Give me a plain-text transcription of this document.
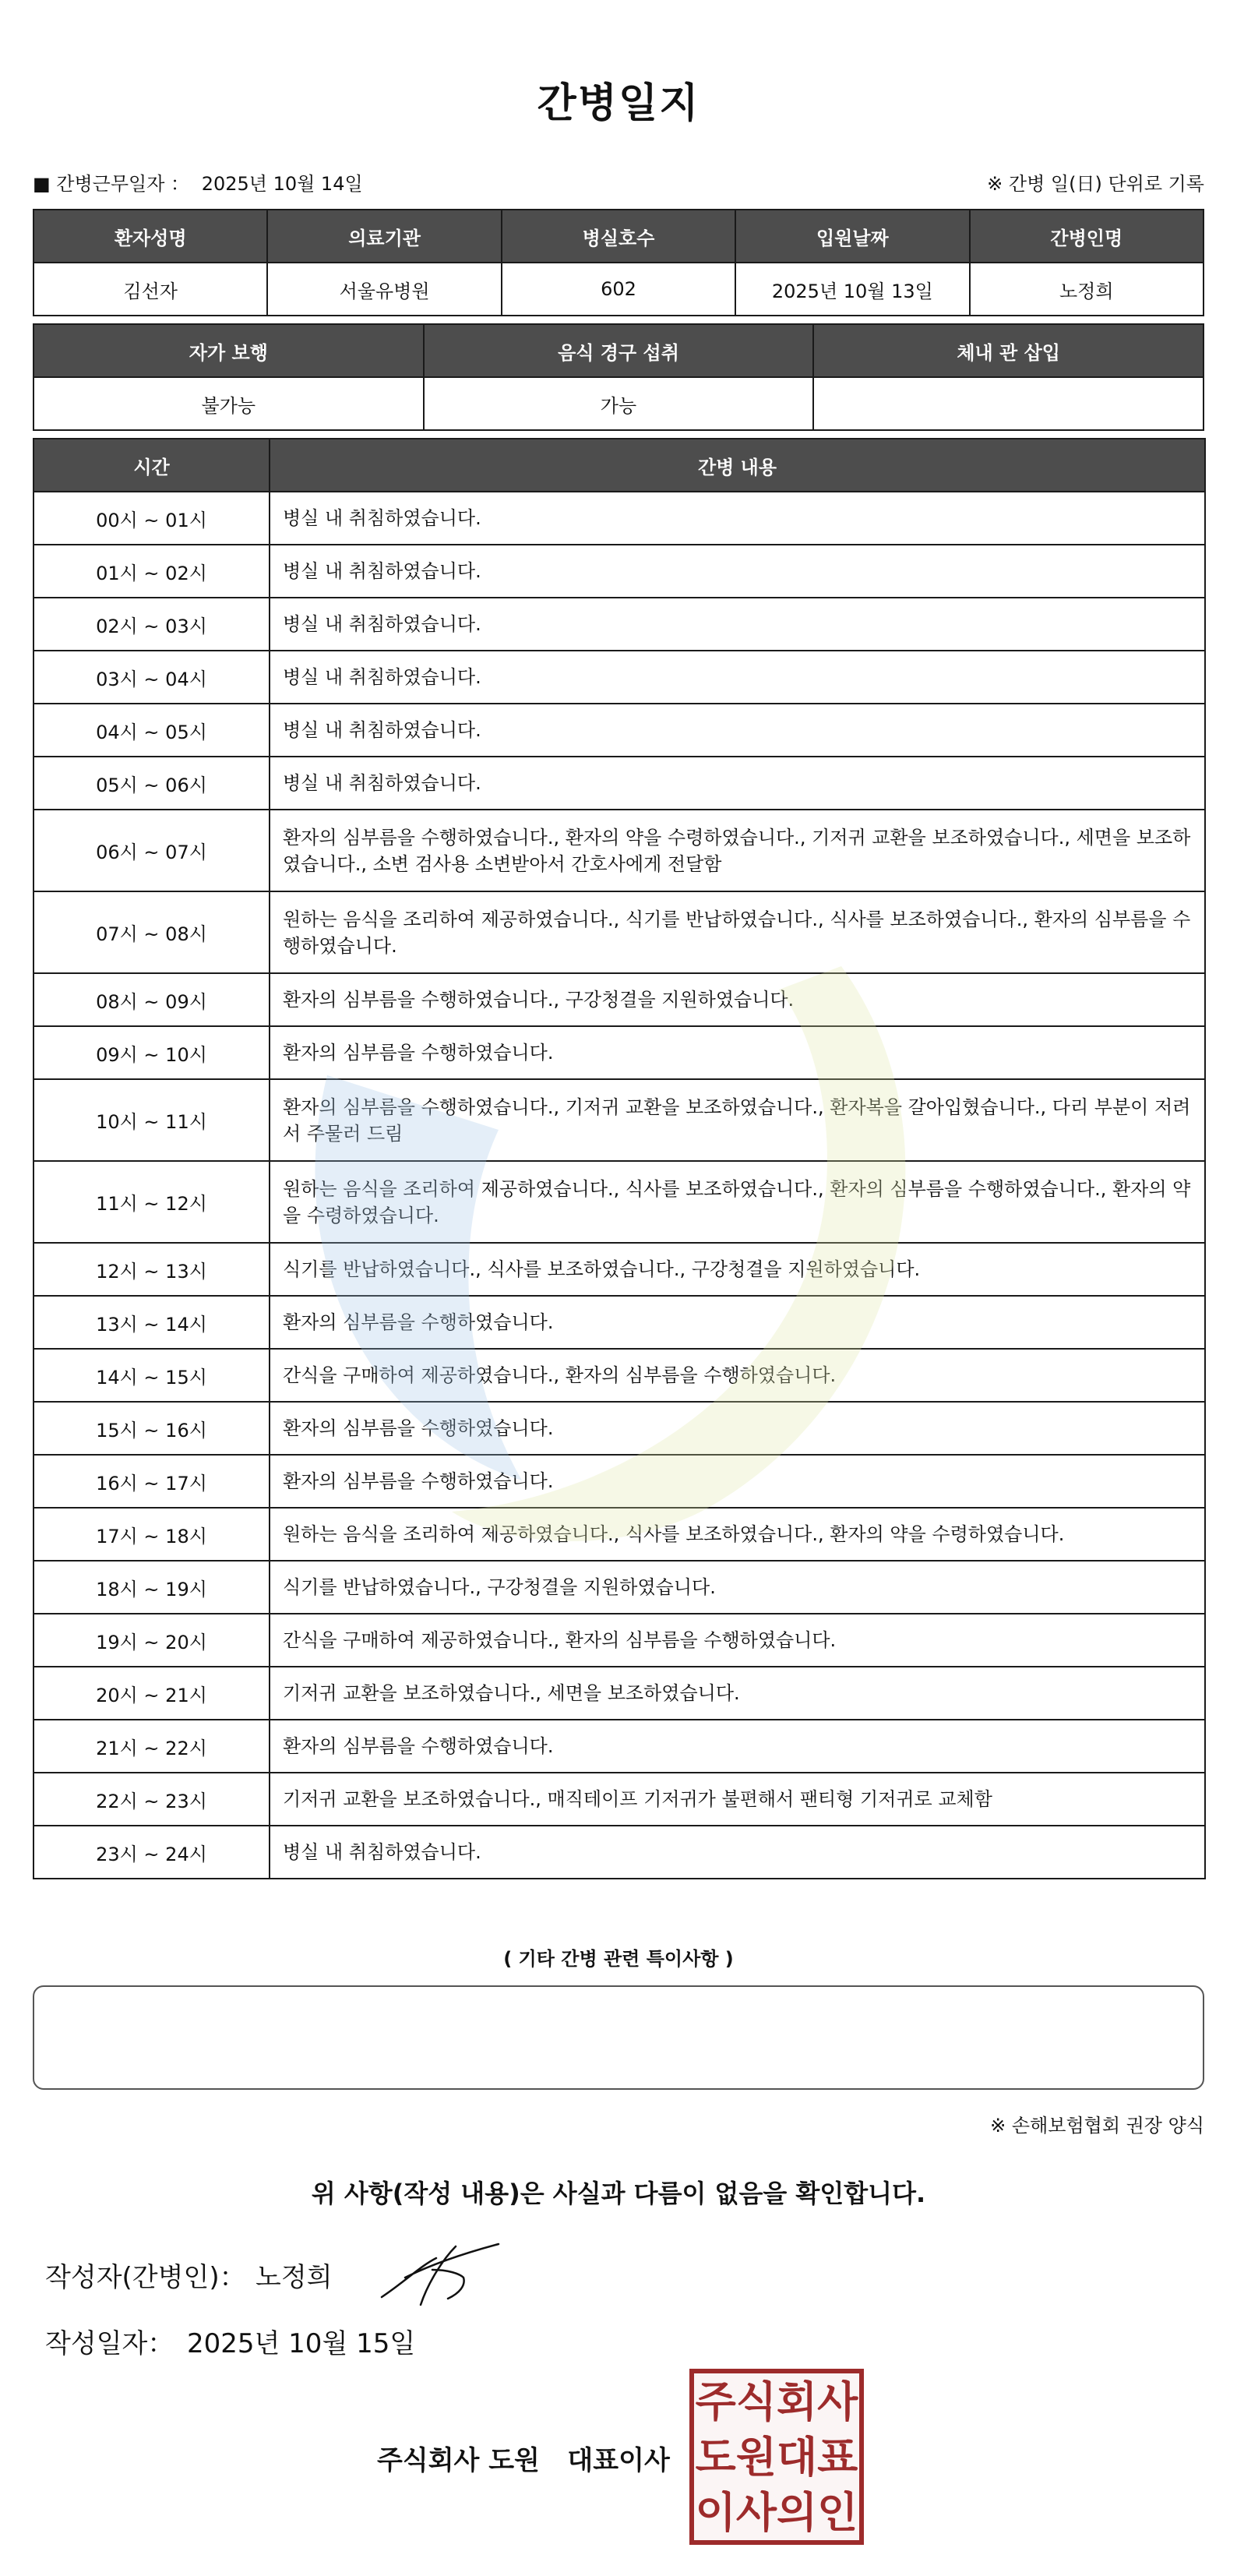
간병일지
■ 간병근무일자 ： 2025년 10월 14일	※ 간병 일(日) 단위로 기록
환자성명	의료기관	병실호수	입원날짜	간병인명
김선자	서울유병원	602	2025년 10월 13일	노정희
자가 보행	음식 경구 섭취	체내 관 삽입
불가능	가능	
시간	간병 내용
00시 ~ 01시	병실 내 취침하였습니다.
01시 ~ 02시	병실 내 취침하였습니다.
02시 ~ 03시	병실 내 취침하였습니다.
03시 ~ 04시	병실 내 취침하였습니다.
04시 ~ 05시	병실 내 취침하였습니다.
05시 ~ 06시	병실 내 취침하였습니다.
06시 ~ 07시	환자의 심부름을 수행하였습니다., 환자의 약을 수령하였습니다., 기저귀 교환을 보조하였습니다., 세면을 보조하였습니다., 소변 검사용 소변받아서 간호사에게 전달함
07시 ~ 08시	원하는 음식을 조리하여 제공하였습니다., 식기를 반납하였습니다., 식사를 보조하였습니다., 환자의 심부름을 수행하였습니다.
08시 ~ 09시	환자의 심부름을 수행하였습니다., 구강청결을 지원하였습니다.
09시 ~ 10시	환자의 심부름을 수행하였습니다.
10시 ~ 11시	환자의 심부름을 수행하였습니다., 기저귀 교환을 보조하였습니다., 환자복을 갈아입혔습니다., 다리 부분이 저려서 주물러 드림
11시 ~ 12시	원하는 음식을 조리하여 제공하였습니다., 식사를 보조하였습니다., 환자의 심부름을 수행하였습니다., 환자의 약을 수령하였습니다.
12시 ~ 13시	식기를 반납하였습니다., 식사를 보조하였습니다., 구강청결을 지원하였습니다.
13시 ~ 14시	환자의 심부름을 수행하였습니다.
14시 ~ 15시	간식을 구매하여 제공하였습니다., 환자의 심부름을 수행하였습니다.
15시 ~ 16시	환자의 심부름을 수행하였습니다.
16시 ~ 17시	환자의 심부름을 수행하였습니다.
17시 ~ 18시	원하는 음식을 조리하여 제공하였습니다., 식사를 보조하였습니다., 환자의 약을 수령하였습니다.
18시 ~ 19시	식기를 반납하였습니다., 구강청결을 지원하였습니다.
19시 ~ 20시	간식을 구매하여 제공하였습니다., 환자의 심부름을 수행하였습니다.
20시 ~ 21시	기저귀 교환을 보조하였습니다., 세면을 보조하였습니다.
21시 ~ 22시	환자의 심부름을 수행하였습니다.
22시 ~ 23시	기저귀 교환을 보조하였습니다., 매직테이프 기저귀가 불편해서 팬티형 기저귀로 교체함
23시 ~ 24시	병실 내 취침하였습니다.
( 기타 간병 관련 특이사항 )
※ 손해보험협회 권장 양식
위 사항(작성 내용)은 사실과 다름이 없음을 확인합니다.
작성자(간병인)： 노정희
작성일자： 2025년 10월 15일
주식회사 도원   대표이사
주식회사
도원대표
이사의인
